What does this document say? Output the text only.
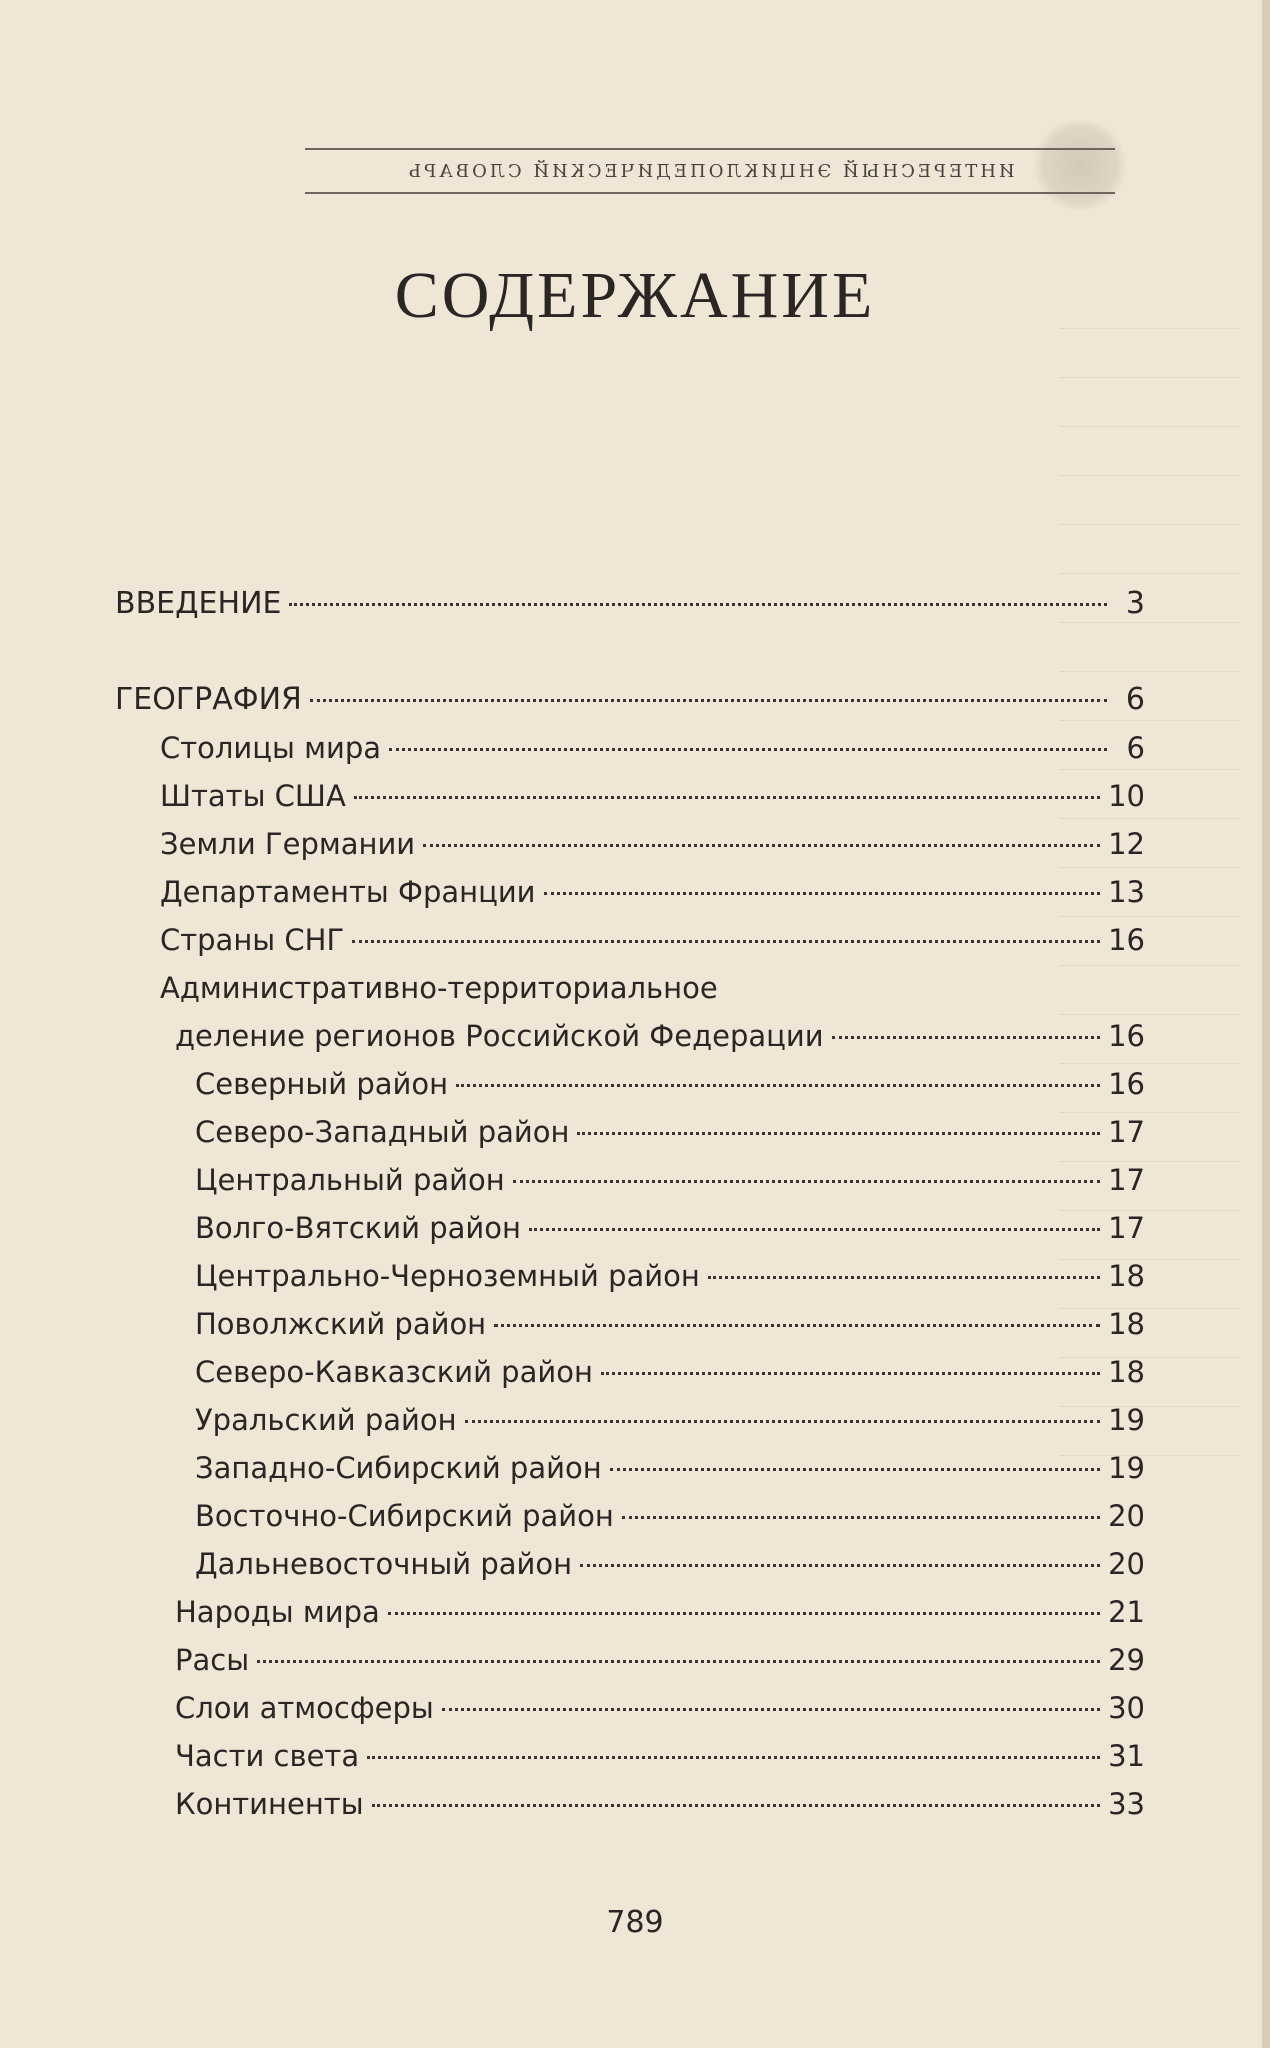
ИНТЕРЕСНЫЙ ЭНЦИКЛОПЕДИЧЕСКИЙ СЛОВАРЬ
СОДЕРЖАНИЕ
ВВЕДЕНИЕ	3
ГЕОГРАФИЯ	6
Столицы мира	6
Штаты США	10
Земли Германии	12
Департаменты Франции	13
Страны СНГ	16
Административно-территориальное
деление регионов Российской Федерации	16
Северный район	16
Северо-Западный район	17
Центральный район	17
Волго-Вятский район	17
Центрально-Черноземный район	18
Поволжский район	18
Северо-Кавказский район	18
Уральский район	19
Западно-Сибирский район	19
Восточно-Сибирский район	20
Дальневосточный район	20
Народы мира	21
Расы	29
Слои атмосферы	30
Части света	31
Континенты	33
789
